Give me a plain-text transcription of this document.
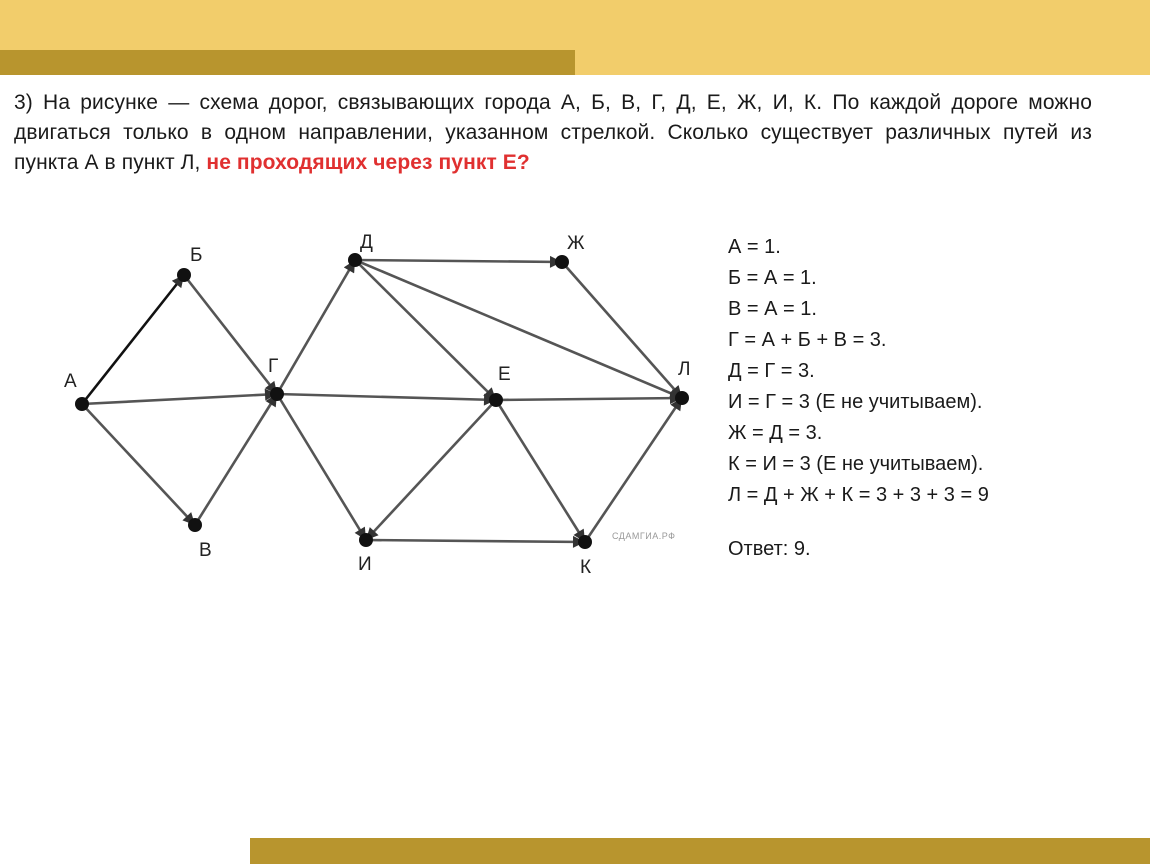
3) На рисунке — схема дорог, связывающих города А, Б, В, Г, Д, Е, Ж, И, К. По каждой дороге можно двигаться только в одном направлении, указанном стрелкой. Сколько существует различных путей из пункта А в пункт Л, не проходящих через пункт Е?
А
Б
В
Г
Д
Е
Ж
И	К
Л
СДАМГИА.РФ
А = 1.
Б = А = 1.
В = А = 1.
Г = А + Б + В = 3.
Д = Г = 3.
И = Г = 3 (Е не учитываем).
Ж = Д = 3.
К = И = 3 (Е не учитываем).
Л = Д + Ж + К = 3 + 3 + 3 = 9
Ответ: 9.
